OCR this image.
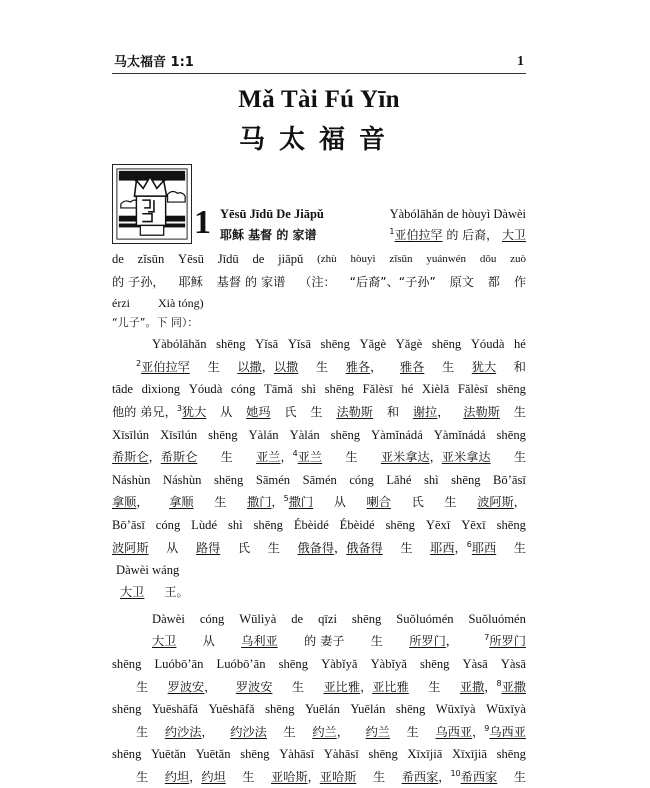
马太福音 1:1	1
Mǎ Tài Fú Yīn
马太福音
1 Yēsū Jīdū De Jiāpǔ	Yàbólāhǎn de hòuyì Dàwèi
耶稣 基督 的 家谱	$^1$亚伯拉罕 的 后裔， 大卫
de zǐsūn Yēsū Jīdū de jiāpǔ (zhù hòuyì zǐsūn yuánwén dōu zuò
的 子孙， 耶稣 基督 的 家谱 （注： “后裔”、“子孙” 原文 都 作
érzi Xià tóng)
“儿子”。下 同）：
Yàbólāhǎn shēng Yǐsā Yǐsā shēng Yǎgè Yǎgè shēng Yóudà hé
$^2$亚伯拉罕 生 以撒，以撒 生 雅各， 雅各 生 犹大 和
tāde dìxiong Yóudà cóng Tāmǎ shì shēng Fǎlèsī hé Xièlā Fǎlèsī shēng
他的 弟兄，$^3$犹大 从 她玛 氏 生 法勒斯 和 谢拉， 法勒斯 生
Xīsīlún Xīsīlún shēng Yàlán Yàlán shēng Yàmǐnádá Yàmǐnádá shēng
希斯仑，希斯仑 生 亚兰，$^4$亚兰 生 亚米拿达，亚米拿达 生
Náshùn Náshùn shēng Sāmén Sāmén cóng Lǎhé shì shēng Bō’āsī
拿顺， 拿顺 生 撒门，$^5$撒门 从 喇合 氏 生 波阿斯，
Bō’āsī cóng Lùdé shì shēng Ébèidé Ébèidé shēng Yēxī Yēxī shēng
波阿斯 从 路得 氏 生 俄备得，俄备得 生 耶西，$^6$耶西 生
Dàwèi wáng
大卫 王。
Dàwèi cóng Wūlìyà de qīzi shēng Suǒluómén Suǒluómén
大卫 从 乌利亚 的 妻子 生 所罗门，	$^7$所罗门
shēng Luóbō’ān Luóbō’ān shēng Yàbǐyǎ Yàbǐyǎ shēng Yàsā Yàsā
生 罗波安， 罗波安 生 亚比雅，亚比雅 生 亚撒，$^8$亚撒
shēng Yuēshāfǎ Yuēshāfǎ shēng Yuēlán Yuēlán shēng Wūxīyà Wūxīyà
生 约沙法， 约沙法 生 约兰， 约兰 生 乌西亚，$^9$乌西亚
shēng Yuētǎn Yuētǎn shēng Yàhāsī Yàhāsī shēng Xīxījiā Xīxījiā shēng
生 约坦，约坦 生 亚哈斯，亚哈斯 生 希西家，$^{10}$希西家 生
